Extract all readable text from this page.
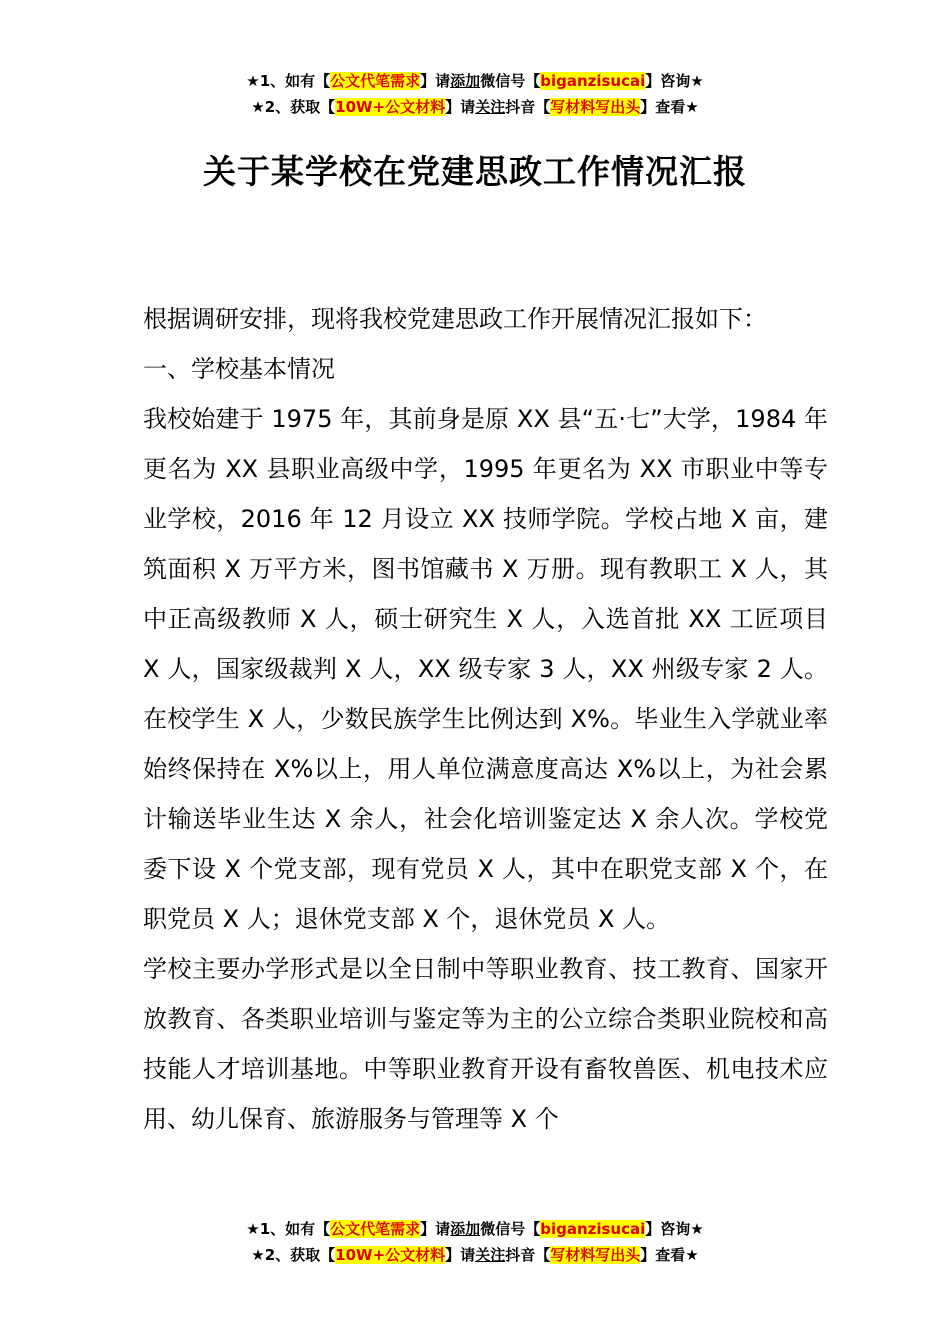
★1、如有【公文代笔需求】请添加微信号【biganzisucai】咨询★
★2、获取【10W+公文材料】请关注抖音【写材料写出头】查看★
关于某学校在党建思政工作情况汇报

根据调研安排，现将我校党建思政工作开展情况汇报如下：

一、学校基本情况

我校始建于 1975 年，其前身是原 XX 县“五·七”大学，1984 年更名为 XX 县职业高级中学，1995 年更名为 XX 市职业中等专业学校，2016 年 12 月设立 XX 技师学院。学校占地 X 亩，建筑面积 X 万平方米，图书馆藏书 X 万册。现有教职工 X 人，其中正高级教师 X 人，硕士研究生 X 人，入选首批 XX 工匠项目 X 人，国家级裁判 X 人，XX 级专家 3 人，XX 州级专家 2 人。在校学生 X 人，少数民族学生比例达到 X%。毕业生入学就业率始终保持在 X%以上，用人单位满意度高达 X%以上，为社会累计输送毕业生达 X 余人，社会化培训鉴定达 X 余人次。学校党委下设 X 个党支部，现有党员 X 人，其中在职党支部 X 个，在职党员 X 人；退休党支部 X 个，退休党员 X 人。

学校主要办学形式是以全日制中等职业教育、技工教育、国家开放教育、各类职业培训与鉴定等为主的公立综合类职业院校和高技能人才培训基地。中等职业教育开设有畜牧兽医、机电技术应用、幼儿保育、旅游服务与管理等 X 个

★1、如有【公文代笔需求】请添加微信号【biganzisucai】咨询★
★2、获取【10W+公文材料】请关注抖音【写材料写出头】查看★
